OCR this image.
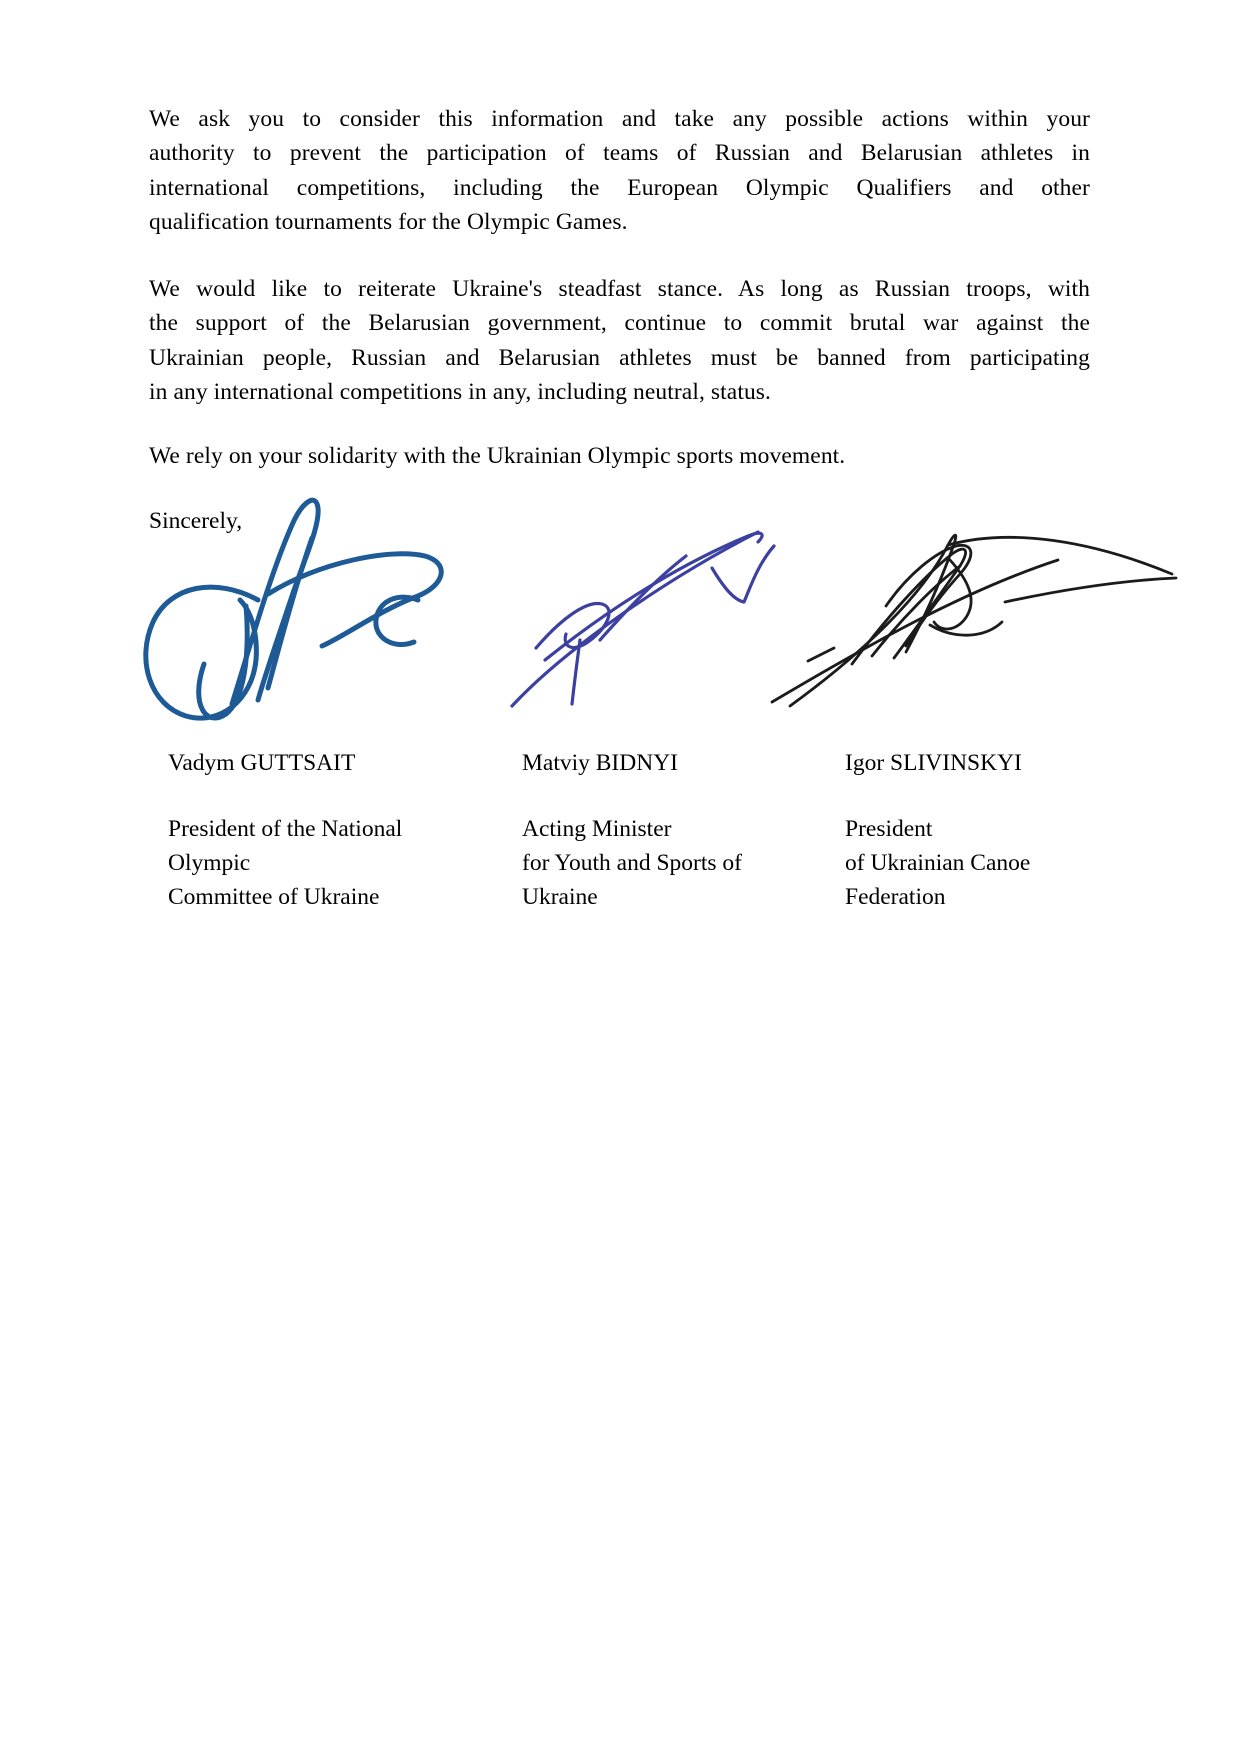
We ask you to consider this information and take any possible actions within your
authority to prevent the participation of teams of Russian and Belarusian athletes in
international competitions, including the European Olympic Qualifiers and other
qualification tournaments for the Olympic Games.
We would like to reiterate Ukraine's steadfast stance. As long as Russian troops, with
the support of the Belarusian government, continue to commit brutal war against the
Ukrainian people, Russian and Belarusian athletes must be banned from participating
in any international competitions in any, including neutral, status.
We rely on your solidarity with the Ukrainian Olympic sports movement.
Sincerely,
Vadym GUTTSAIT	Matviy BIDNYI	Igor SLIVINSKYI
President of the National
Olympic
Committee of Ukraine
Acting Minister
for Youth and Sports of
Ukraine
President
of Ukrainian Canoe
Federation
